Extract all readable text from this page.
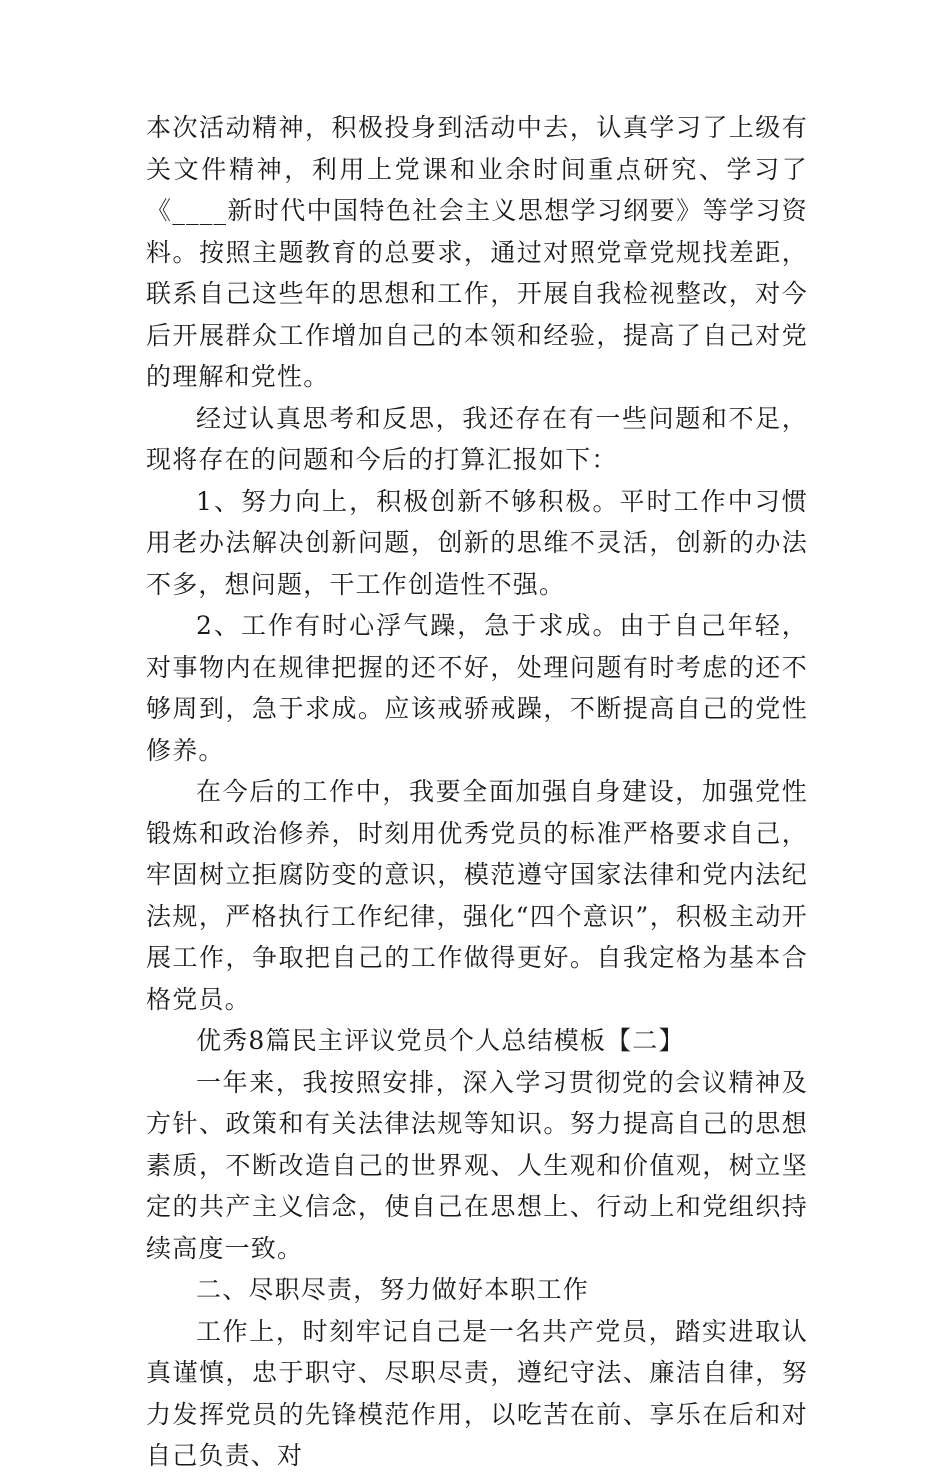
本次活动精神，积极投身到活动中去，认真学习了上级有关文件精神，利用上党课和业余时间重点研究、学习了《____新时代中国特色社会主义思想学习纲要》等学习资料。按照主题教育的总要求，通过对照党章党规找差距，联系自己这些年的思想和工作，开展自我检视整改，对今后开展群众工作增加自己的本领和经验，提高了自己对党的理解和党性。

经过认真思考和反思，我还存在有一些问题和不足，现将存在的问题和今后的打算汇报如下：

1、努力向上，积极创新不够积极。平时工作中习惯用老办法解决创新问题，创新的思维不灵活，创新的办法不多，想问题，干工作创造性不强。

2、工作有时心浮气躁，急于求成。由于自己年轻，对事物内在规律把握的还不好，处理问题有时考虑的还不够周到，急于求成。应该戒骄戒躁，不断提高自己的党性修养。

在今后的工作中，我要全面加强自身建设，加强党性锻炼和政治修养，时刻用优秀党员的标准严格要求自己，牢固树立拒腐防变的意识，模范遵守国家法律和党内法纪法规，严格执行工作纪律，强化“四个意识”，积极主动开展工作，争取把自己的工作做得更好。自我定格为基本合格党员。

优秀8篇民主评议党员个人总结模板【二】

一年来，我按照安排，深入学习贯彻党的会议精神及方针、政策和有关法律法规等知识。努力提高自己的思想素质，不断改造自己的世界观、人生观和价值观，树立坚定的共产主义信念，使自己在思想上、行动上和党组织持续高度一致。

二、尽职尽责，努力做好本职工作

工作上，时刻牢记自己是一名共产党员，踏实进取认真谨慎，忠于职守、尽职尽责，遵纪守法、廉洁自律，努力发挥党员的先锋模范作用，以吃苦在前、享乐在后和对自己负责、对
